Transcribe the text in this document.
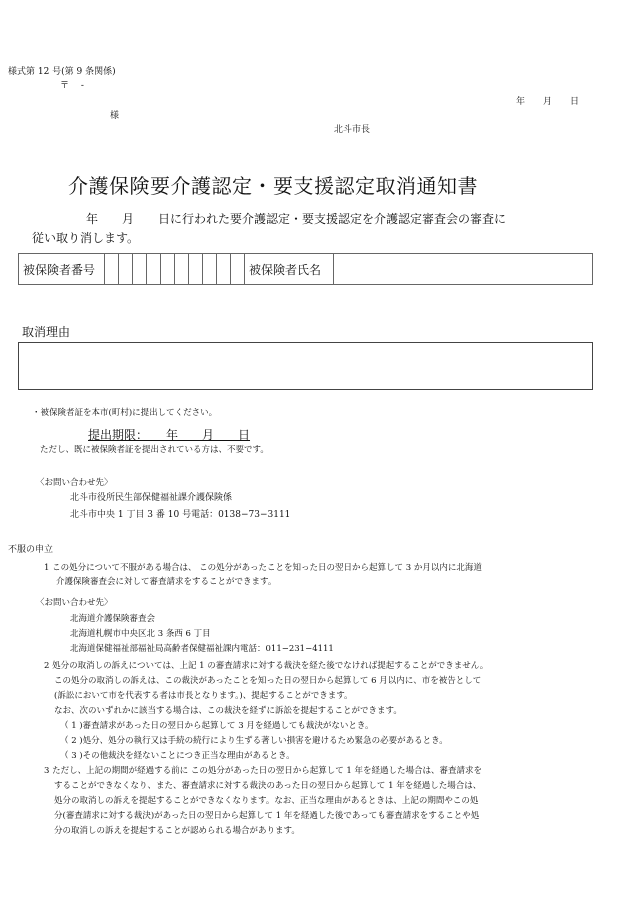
様式第 12 号(第 9 条関係)
〒　 -
年　　月　　日
様
北斗市長
介護保険要介護認定・要支援認定取消通知書
年　　月　　日に行われた要介護認定・要支援認定を介護認定審査会の審査に
従い取り消します。
被保険者番号	被保険者氏名
取消理由
・被保険者証を本市(町村)に提出してください。
提出期限：　　年　　月　　日
ただし、既に被保険者証を提出されている方は、不要です。
〈お問い合わせ先〉
北斗市役所民生部保健福祉課介護保険係
北斗市中央 1 丁目 3 番 10 号電話：0138−73−3111
不服の申立
1 この処分について不服がある場合は、 この処分があったことを知った日の翌日から起算して 3 か月以内に北海道
介護保険審査会に対して審査請求をすることができます。
〈お問い合わせ先〉
北海道介護保険審査会
北海道札幌市中央区北 3 条西 6 丁目
北海道保健福祉部福祉局高齢者保健福祉課内電話：011−231−4111
2 処分の取消しの訴えについては、上記 1 の審査請求に対する裁決を経た後でなければ提起することができません。
この処分の取消しの訴えは、この裁決があったことを知った日の翌日から起算して 6 月以内に、市を被告として
(訴訟において市を代表する者は市長となります。)、提起することができます。
なお、次のいずれかに該当する場合は、この裁決を経ずに訴訟を提起することができます。
（ 1 )審査請求があった日の翌日から起算して 3 月を経過しても裁決がないとき。
（ 2 )処分、処分の執行又は手続の続行により生ずる著しい損害を避けるため緊急の必要があるとき。
（ 3 )その他裁決を経ないことにつき正当な理由があるとき。
3 ただし、上記の期間が経過する前に この処分があった日の翌日から起算して 1 年を経過した場合は、審査請求を
することができなくなり、また、審査請求に対する裁決のあった日の翌日から起算して 1 年を経過した場合は、
処分の取消しの訴えを提起することができなくなります。なお、正当な理由があるときは、上記の期間やこの処
分(審査請求に対する裁決)があった日の翌日から起算して 1 年を経過した後であっても審査請求をすることや処
分の取消しの訴えを提起することが認められる場合があります。
